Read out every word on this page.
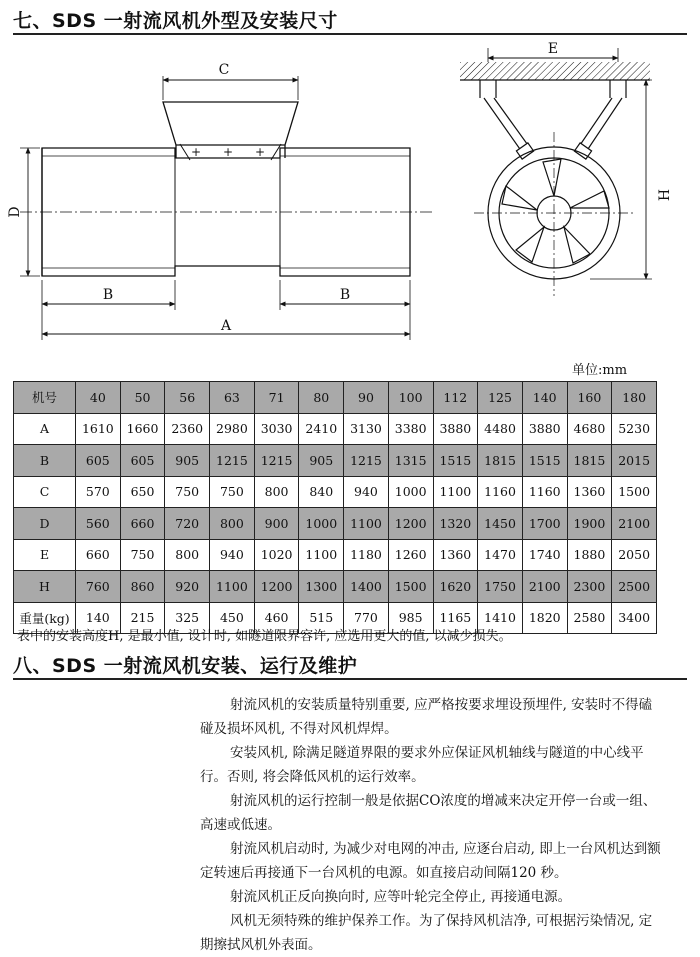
七、SDS 一射流风机外型及安装尺寸
C
D
B	B
A
+ + +
E
H
单位:mm
机号	40	50	56	63	71	80	90	100	112	125	140	160	180
A	1610	1660	2360	2980	3030	2410	3130	3380	3880	4480	3880	4680	5230
B	605	605	905	1215	1215	905	1215	1315	1515	1815	1515	1815	2015
C	570	650	750	750	800	840	940	1000	1100	1160	1160	1360	1500
D	560	660	720	800	900	1000	1100	1200	1320	1450	1700	1900	2100
E	660	750	800	940	1020	1100	1180	1260	1360	1470	1740	1880	2050
H	760	860	920	1100	1200	1300	1400	1500	1620	1750	2100	2300	2500
重量(kg)	140	215	325	450	460	515	770	985	1165	1410	1820	2580	3400
表中的安装高度H, 是最小值, 设计时, 如隧道限界容许, 应选用更大的值, 以减少损失。
八、SDS 一射流风机安装、运行及维护

射流风机的安装质量特别重要, 应严格按要求埋设预埋件, 安装时不得磕碰及损坏风机, 不得对风机焊焊。

安装风机, 除满足隧道界限的要求外应保证风机轴线与隧道的中心线平行。否则, 将会降低风机的运行效率。

射流风机的运行控制一般是依据CO浓度的增减来决定开停一台或一组、高速或低速。

射流风机启动时, 为减少对电网的冲击, 应逐台启动, 即上一台风机达到额定转速后再接通下一台风机的电源。如直接启动间隔120 秒。

射流风机正反向换向时, 应等叶轮完全停止, 再接通电源。

风机无须特殊的维护保养工作。为了保持风机洁净, 可根据污染情况, 定期擦拭风机外表面。
